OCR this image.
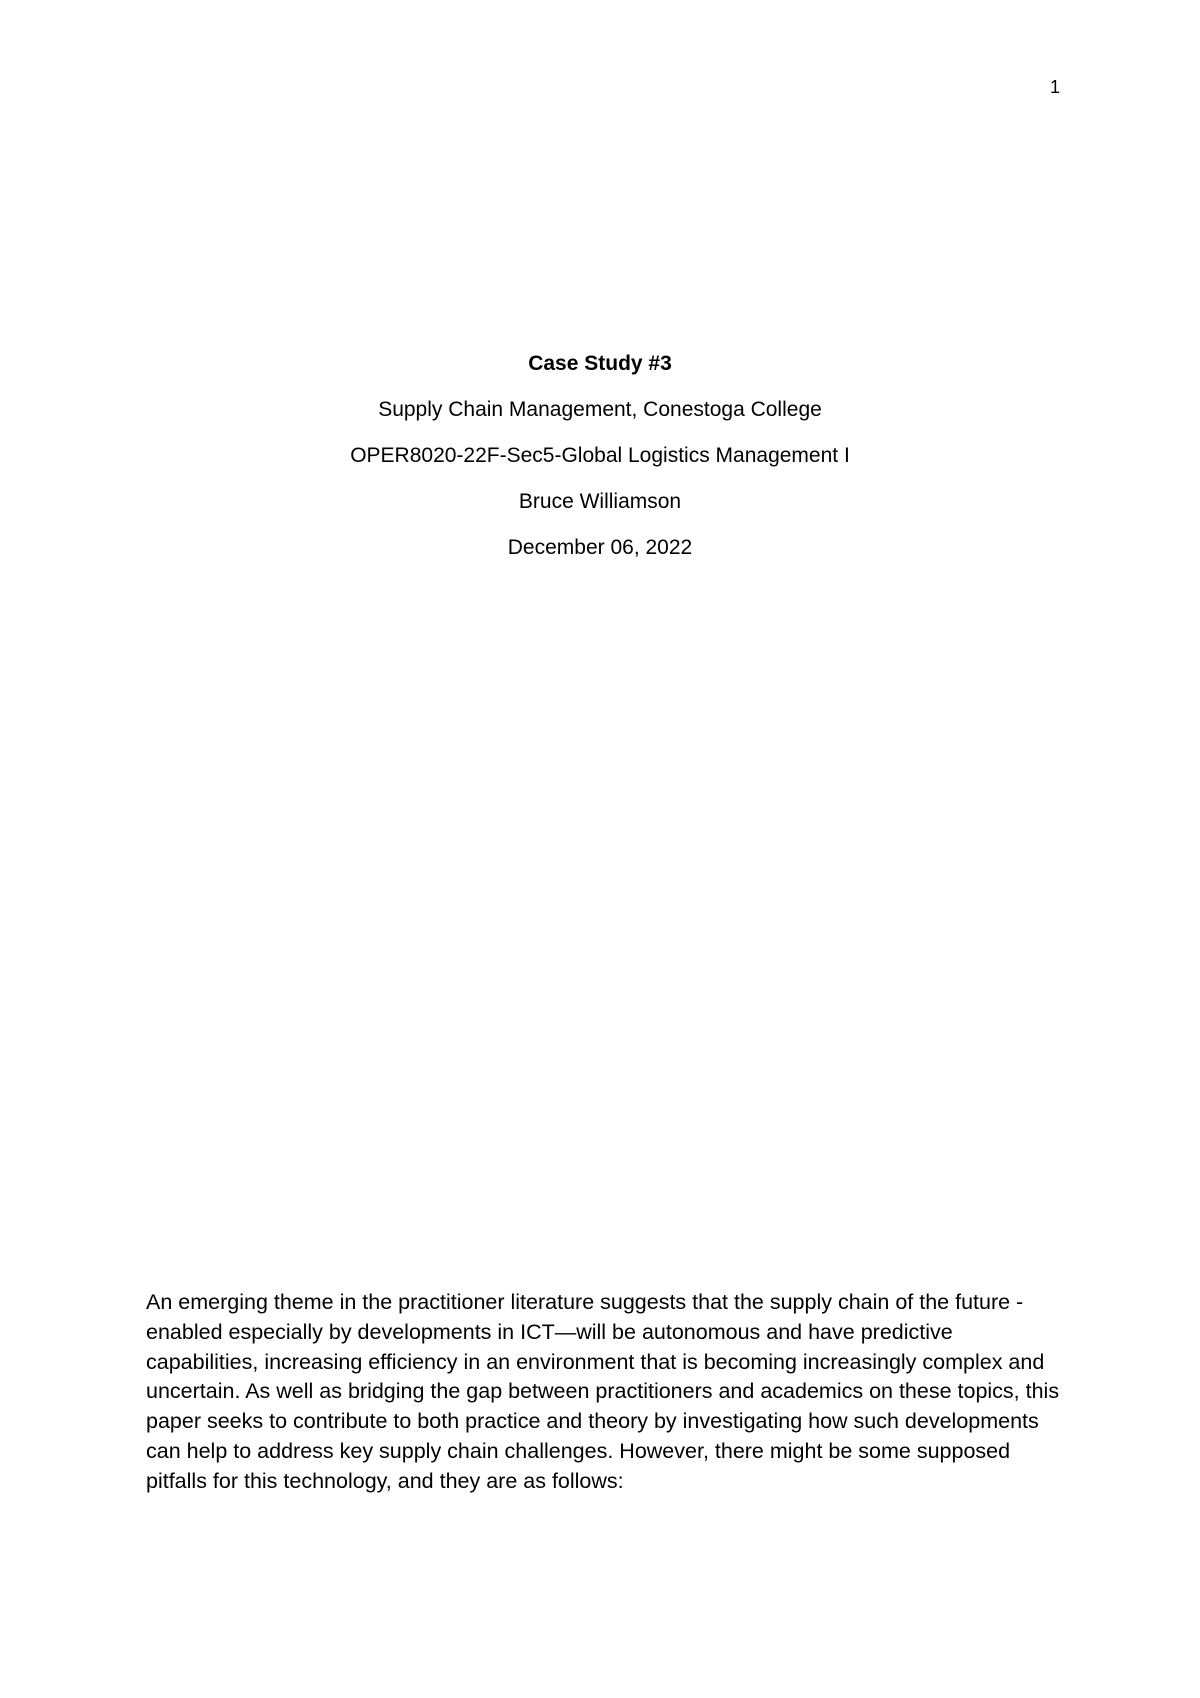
1

Case Study #3

Supply Chain Management, Conestoga College

OPER8020-22F-Sec5-Global Logistics Management I

Bruce Williamson

December 06, 2022

An emerging theme in the practitioner literature suggests that the supply chain of the future - enabled especially by developments in ICT—will be autonomous and have predictive capabilities, increasing efficiency in an environment that is becoming increasingly complex and uncertain. As well as bridging the gap between practitioners and academics on these topics, this paper seeks to contribute to both practice and theory by investigating how such developments can help to address key supply chain challenges. However, there might be some supposed pitfalls for this technology, and they are as follows:
